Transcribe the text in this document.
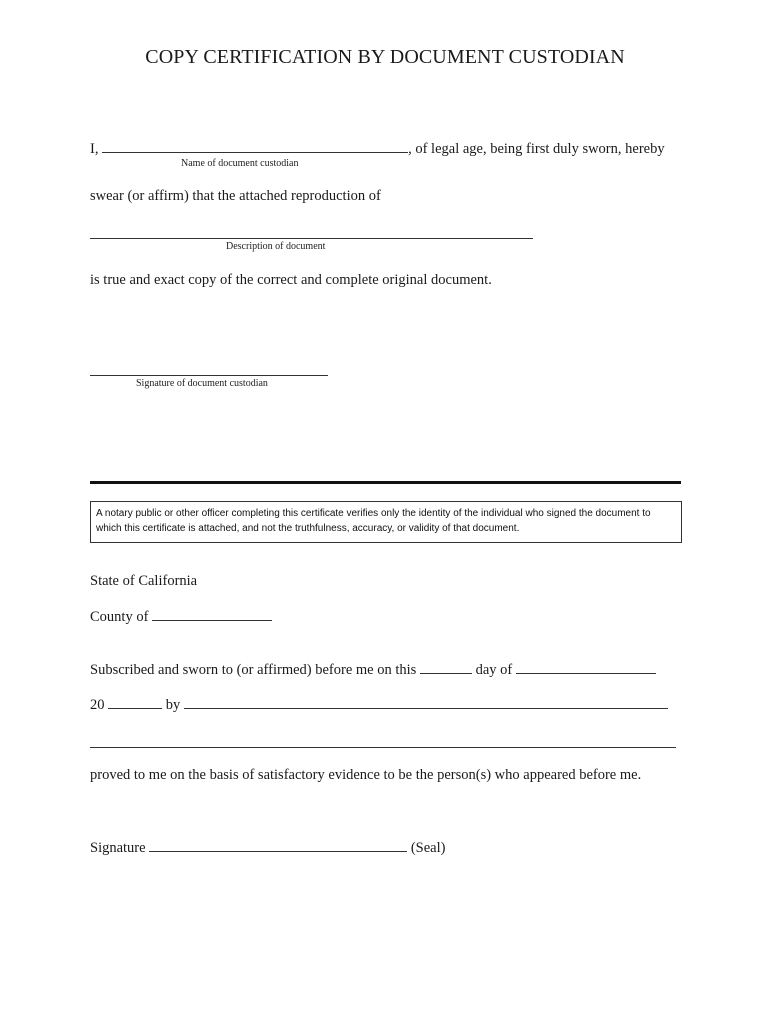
COPY CERTIFICATION BY DOCUMENT CUSTODIAN
I,	, of legal age, being first duly sworn, hereby
Name of document custodian
swear (or affirm) that the attached reproduction of
Description of document
is true and exact copy of the correct and complete original document.
Signature of document custodian
A notary public or other officer completing this certificate verifies only the identity of the individual who signed the document to which this certificate is attached, and not the truthfulness, accuracy, or validity of that document.
State of California
County of
Subscribed and sworn to (or affirmed) before me on this	day of
20	by
proved to me on the basis of satisfactory evidence to be the person(s) who appeared before me.
Signature	(Seal)
